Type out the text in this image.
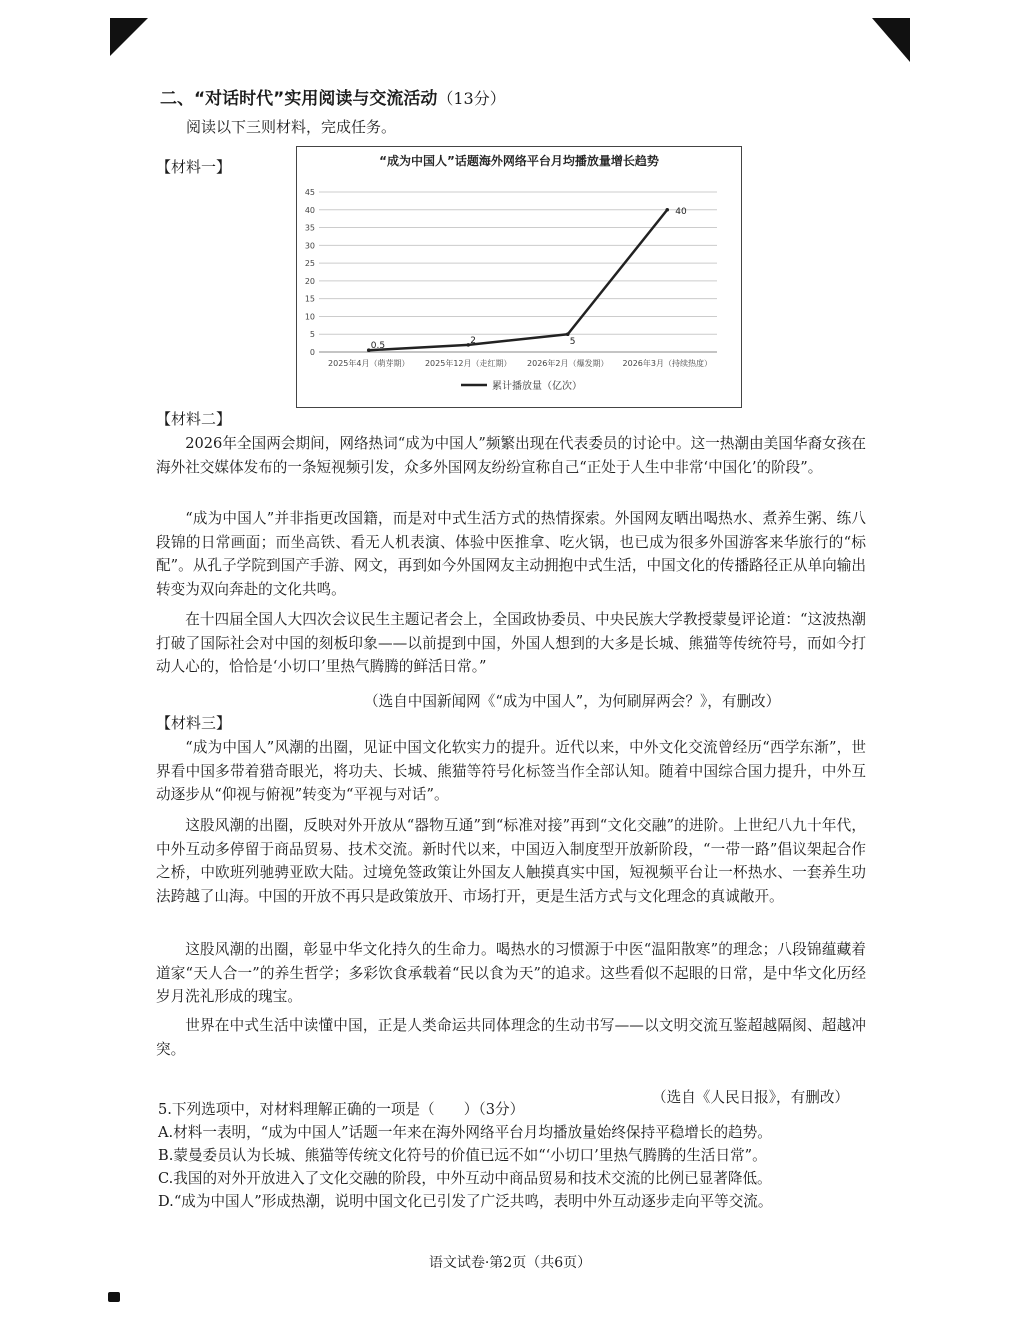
二、“对话时代”实用阅读与交流活动（13分）
阅读以下三则材料，完成任务。
【材料一】	“成为中国人”话题海外网络平台月均播放量增长趋势
0
5
10
15
20
25
30
35
40
45
2025年4月（萌芽期） 2025年12月（走红期） 2026年2月（爆发期） 2026年3月（持续热度）
0.5
2	5
40
累计播放量（亿次）
【材料二】

2026年全国两会期间，网络热词“成为中国人”频繁出现在代表委员的讨论中。这一热潮由美国华裔女孩在海外社交媒体发布的一条短视频引发，众多外国网友纷纷宣称自己“正处于人生中非常‘中国化’的阶段”。

“成为中国人”并非指更改国籍，而是对中式生活方式的热情探索。外国网友晒出喝热水、煮养生粥、练八段锦的日常画面；而坐高铁、看无人机表演、体验中医推拿、吃火锅，也已成为很多外国游客来华旅行的“标配”。从孔子学院到国产手游、网文，再到如今外国网友主动拥抱中式生活，中国文化的传播路径正从单向输出转变为双向奔赴的文化共鸣。

在十四届全国人大四次会议民生主题记者会上，全国政协委员、中央民族大学教授蒙曼评论道：“这波热潮打破了国际社会对中国的刻板印象——以前提到中国，外国人想到的大多是长城、熊猫等传统符号，而如今打动人心的，恰恰是‘小切口’里热气腾腾的鲜活日常。”

（选自中国新闻网《“成为中国人”，为何刷屏两会？》，有删改）
【材料三】

“成为中国人”风潮的出圈，见证中国文化软实力的提升。近代以来，中外文化交流曾经历“西学东渐”，世界看中国多带着猎奇眼光，将功夫、长城、熊猫等符号化标签当作全部认知。随着中国综合国力提升，中外互动逐步从“仰视与俯视”转变为“平视与对话”。

这股风潮的出圈，反映对外开放从“器物互通”到“标准对接”再到“文化交融”的进阶。上世纪八九十年代，中外互动多停留于商品贸易、技术交流。新时代以来，中国迈入制度型开放新阶段，“一带一路”倡议架起合作之桥，中欧班列驰骋亚欧大陆。过境免签政策让外国友人触摸真实中国，短视频平台让一杯热水、一套养生功法跨越了山海。中国的开放不再只是政策放开、市场打开，更是生活方式与文化理念的真诚敞开。

这股风潮的出圈，彰显中华文化持久的生命力。喝热水的习惯源于中医“温阳散寒”的理念；八段锦蕴藏着道家“天人合一”的养生哲学；多彩饮食承载着“民以食为天”的追求。这些看似不起眼的日常，是中华文化历经岁月洗礼形成的瑰宝。

世界在中式生活中读懂中国，正是人类命运共同体理念的生动书写——以文明交流互鉴超越隔阂、超越冲突。

（选自《人民日报》，有删改）
5.下列选项中，对材料理解正确的一项是（　　）（3分）
A.材料一表明，“成为中国人”话题一年来在海外网络平台月均播放量始终保持平稳增长的趋势。
B.蒙曼委员认为长城、熊猫等传统文化符号的价值已远不如“‘小切口’里热气腾腾的生活日常”。
C.我国的对外开放进入了文化交融的阶段，中外互动中商品贸易和技术交流的比例已显著降低。
D.“成为中国人”形成热潮，说明中国文化已引发了广泛共鸣，表明中外互动逐步走向平等交流。
语文试卷·第2页（共6页）
